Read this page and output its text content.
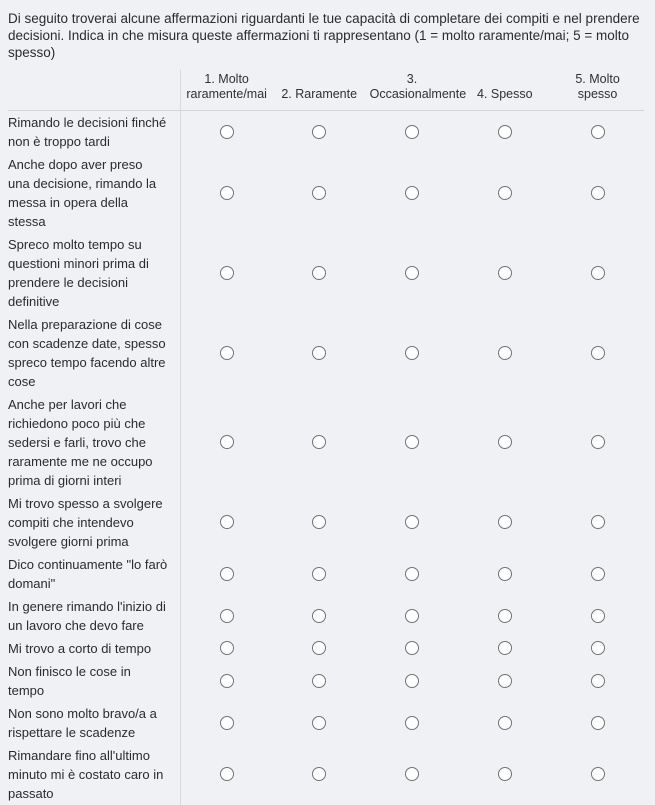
Di seguito troverai alcune affermazioni riguardanti le tue capacità di completare dei compiti e nel prendere decisioni. Indica in che misura queste affermazioni ti rappresentano (1 = molto raramente/mai; 5 = molto spesso)

	1. Molto raramente/mai	2. Raramente	3. Occasionalmente	4. Spesso	5. Molto spesso
Rimando le decisioni finché non è troppo tardi					
Anche dopo aver preso una decisione, rimando la messa in opera della stessa					
Spreco molto tempo su questioni minori prima di prendere le decisioni definitive					
Nella preparazione di cose con scadenze date, spesso spreco tempo facendo altre cose					
Anche per lavori che richiedono poco più che sedersi e farli, trovo che raramente me ne occupo prima di giorni interi					
Mi trovo spesso a svolgere compiti che intendevo svolgere giorni prima					
Dico continuamente "lo farò domani"					
In genere rimando l'inizio di un lavoro che devo fare					
Mi trovo a corto di tempo					
Non finisco le cose in tempo					
Non sono molto bravo/a a rispettare le scadenze					
Rimandare fino all'ultimo minuto mi è costato caro in passato					
